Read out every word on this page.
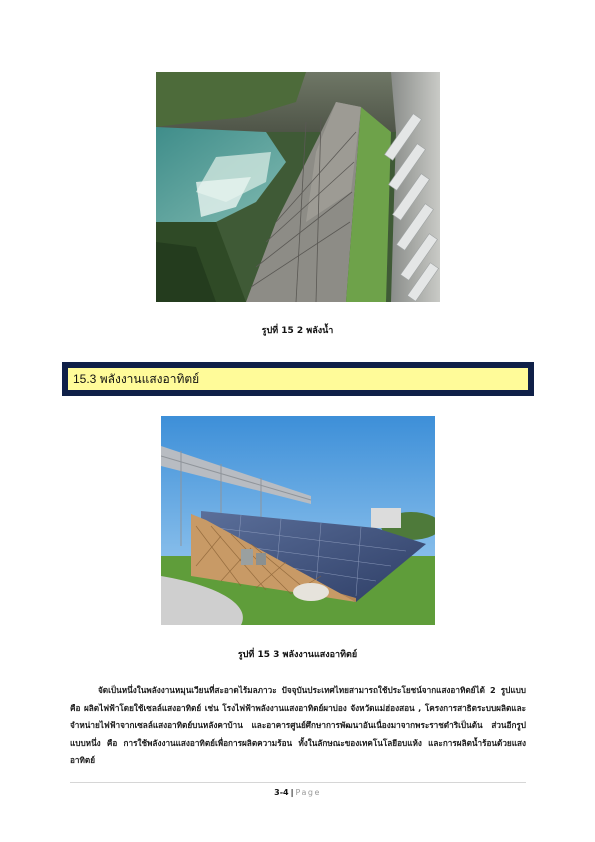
รูปที่ 15 2 พลังน้ำ
15.3 พลังงานแสงอาทิตย์
รูปที่ 15 3 พลังงานแสงอาทิตย์

จัดเป็นหนึ่งในพลังงานหมุนเวียนที่สะอาดไร้มลภาวะ ปัจจุบันประเทศไทยสามารถใช้ประโยชน์จากแสงอาทิตย์ได้ 2 รูปแบบ คือ ผลิตไฟฟ้าโดยใช้เซลล์แสงอาทิตย์ เช่น โรงไฟฟ้าพลังงานแสงอาทิตย์ผาบ่อง จังหวัดแม่ฮ่องสอน , โครงการสาธิตระบบผลิตและจำหน่ายไฟฟ้าจากเซลล์แสงอาทิตย์บนหลังคาบ้าน และอาคารศูนย์ศึกษาการพัฒนาอันเนื่องมาจากพระราชดำริเป็นต้น ส่วนอีกรูปแบบหนึ่ง คือ การใช้พลังงานแสงอาทิตย์เพื่อการผลิตความร้อน ทั้งในลักษณะของเทคโนโลยีอบแห้ง และการผลิตน้ำร้อนด้วยแสงอาทิตย์

3-4 | Page
